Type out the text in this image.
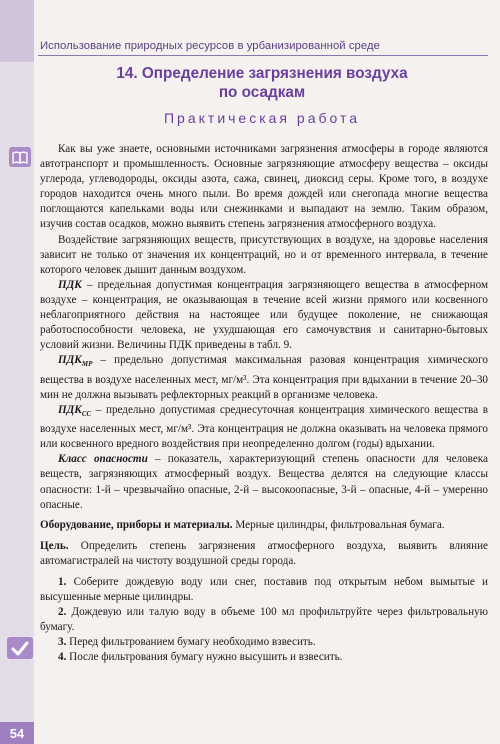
Использование природных ресурсов в урбанизированной среде
14. Определение загрязнения воздуха
по осадкам
Практическая работа

Как вы уже знаете, основными источниками загрязнения атмосферы в городе являются автотранспорт и промышленность. Основные загрязняющие атмосферу вещества – оксиды углерода, углеводороды, оксиды азота, сажа, свинец, диоксид серы. Кроме того, в воздухе городов находится очень много пыли. Во время дождей или снегопада многие вещества поглощаются капельками воды или снежинками и выпадают на землю. Таким образом, изучив состав осадков, можно выявить степень загрязнения атмосферного воздуха.

Воздействие загрязняющих веществ, присутствующих в воздухе, на здоровье населения зависит не только от значения их концентраций, но и от временного интервала, в течение которого человек дышит данным воздухом.

ПДК – предельная допустимая концентрация загрязняющего вещества в атмосферном воздухе – концентрация, не оказывающая в течение всей жизни прямого или косвенного неблагоприятного действия на настоящее или будущее поколение, не снижающая работоспособности человека, не ухудшающая его самочувствия и санитарно-бытовых условий жизни. Величины ПДК приведены в табл. 9.

$ПДК_{МР}$ – предельно допустимая максимальная разовая концентрация химического вещества в воздухе населенных мест, мг/м³. Эта концентрация при вдыхании в течение 20–30 мин не должна вызывать рефлекторных реакций в организме человека.

$ПДК_{СС}$ – предельно допустимая среднесуточная концентрация химического вещества в воздухе населенных мест, мг/м³. Эта концентрация не должна оказывать на человека прямого или косвенного вредного воздействия при неопределенно долгом (годы) вдыхании.

Класс опасности – показатель, характеризующий степень опасности для человека веществ, загрязняющих атмосферный воздух. Вещества делятся на следующие классы опасности: 1-й – чрезвычайно опасные, 2-й – высокоопасные, 3-й – опасные, 4-й – умеренно опасные.

Оборудование, приборы и материалы. Мерные цилиндры, фильтровальная бумага.

Цель. Определить степень загрязнения атмосферного воздуха, выявить влияние автомагистралей на чистоту воздушной среды города.

1. Соберите дождевую воду или снег, поставив под открытым небом вымытые и высушенные мерные цилиндры.

2. Дождевую или талую воду в объеме 100 мл профильтруйте через фильтровальную бумагу.

3. Перед фильтрованием бумагу необходимо взвесить.

4. После фильтрования бумагу нужно высушить и взвесить.

54
